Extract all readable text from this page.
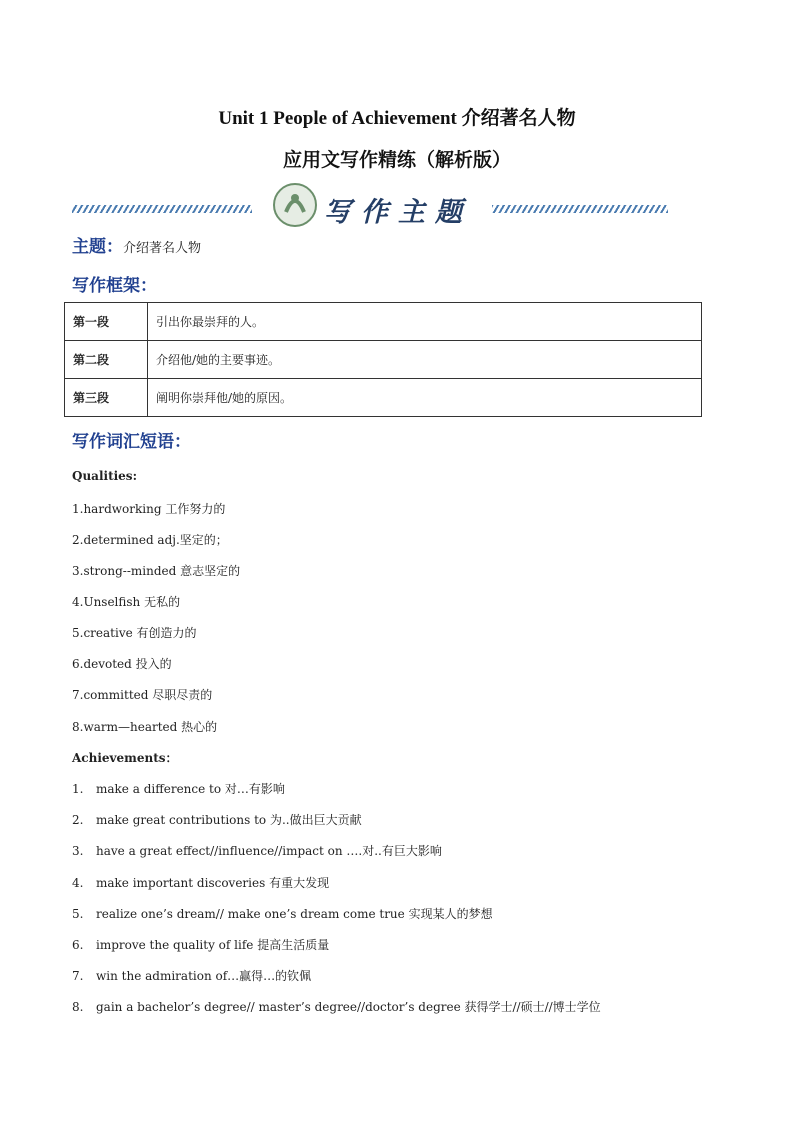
Unit 1 People of Achievement 介绍著名人物
应用文写作精练（解析版）
写作主题
主题：介绍著名人物
写作框架：
第一段	引出你最崇拜的人。
第二段	介绍他/她的主要事迹。
第三段	阐明你崇拜他/她的原因。
写作词汇短语：
Qualities:
1.hardworking 工作努力的
2.determined adj.坚定的；
3.strong--minded 意志坚定的
4.Unselfish 无私的
5.creative 有创造力的
6.devoted 投入的
7.committed 尽职尽责的
8.warm—hearted 热心的
Achievements：
1. make a difference to 对…有影响
2. make great contributions to 为..做出巨大贡献
3. have a great effect//influence//impact on ….对..有巨大影响
4. make important discoveries 有重大发现
5. realize one’s dream// make one’s dream come true 实现某人的梦想
6. improve the quality of life 提高生活质量
7. win the admiration of…赢得…的钦佩
8. gain a bachelor’s degree// master’s degree//doctor’s degree 获得学士//硕士//博士学位
